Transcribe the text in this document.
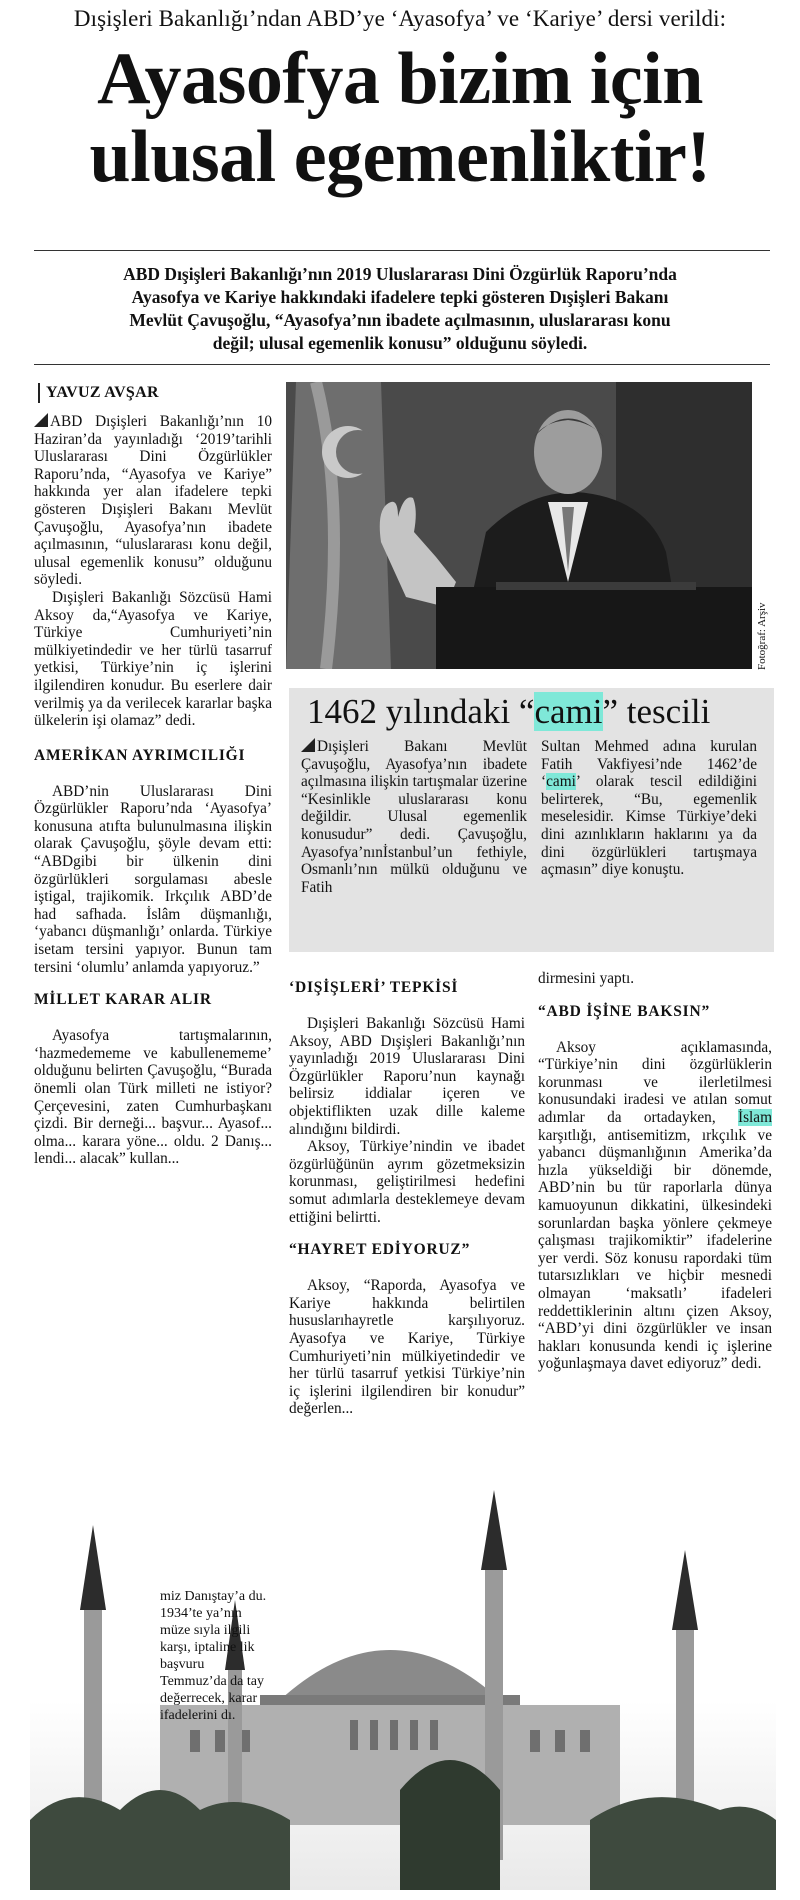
Dışişleri Bakanlığı’ndan ABD’ye ‘Ayasofya’ ve ‘Kariye’ dersi verildi:
Ayasofya bizim için
ulusal egemenliktir!
ABD Dışişleri Bakanlığı’nın 2019 Uluslararası Dini Özgürlük Raporu’nda
Ayasofya ve Kariye hakkındaki ifadelere tepki gösteren Dışişleri Bakanı
Mevlüt Çavuşoğlu, “Ayasofya’nın ibadete açılmasının, uluslararası konu
değil; ulusal egemenlik konusu” olduğunu söyledi.
YAVUZ AVŞAR

ABD Dışişleri Bakanlığı’nın 10 Haziran’da yayınladığı ‘2019’tarihli Uluslararası Dini Özgürlükler Raporu’nda, “Ayasofya ve Kariye” hakkında yer alan ifadelere tepki gösteren Dışişleri Bakanı Mevlüt Çavuşoğlu, Ayasofya’nın ibadete açılmasının, “uluslararası konu değil, ulusal egemenlik konusu” olduğunu söyledi.

Dışişleri Bakanlığı Sözcüsü Hami Aksoy da,“Ayasofya ve Kariye, Türkiye Cumhuriyeti’nin mülkiyetindedir ve her türlü tasarruf yetkisi, Türkiye’nin iç işlerini ilgilendiren konudur. Bu eserlere dair verilmiş ya da verilecek kararlar başka ülkelerin işi olamaz” dedi.

AMERİKAN AYRIMCILIĞI

ABD’nin Uluslararası Dini Özgürlükler Raporu’nda ‘Ayasofya’ konusuna atıfta bulunulmasına ilişkin olarak Çavuşoğlu, şöyle devam etti: “ABDgibi bir ülkenin dini özgürlükleri sorgulaması abesle iştigal, trajikomik. Irkçılık ABD’de had safhada. İslâm düşmanlığı, ‘yabancı düşmanlığı’ onlarda. Türkiye isetam tersini yapıyor. Bunun tam tersini ‘olumlu’ anlamda yapıyoruz.”

MİLLET KARAR ALIR

Ayasofya tartışmalarının, ‘hazmedememe ve kabullenememe’ olduğunu belirten Çavuşoğlu, “Burada önemli olan Türk milleti ne istiyor? Çerçevesini, zaten Cumhurbaşkanı çizdi. Bir derneği... başvur... Ayasof... olma... karara yöne... oldu. 2 Danış... lendi... alacak” kullan...

miz Danıştay’a du. 1934’te ya’nın müze sıyla ilgili karşı, iptaline lik başvuru Temmuz’da da tay değerrecek, karar ifadelerini dı.
Fotoğraf: Arşiv
1462 yılındaki “cami” tescili
Dışişleri Bakanı Mevlüt Çavuşoğlu, Ayasofya’nın ibadete açılmasına ilişkin tartışmalar üzerine “Kesinlikle uluslararası konu değildir. Ulusal egemenlik konusudur” dedi. Çavuşoğlu, Ayasofya’nınİstanbul’un fethiyle, Osmanlı’nın mülkü olduğunu ve Fatih
Sultan Mehmed adına kurulan Fatih Vakfiyesi’nde 1462’de ‘cami’ olarak tescil edildiğini belirterek, “Bu, egemenlik meselesidir. Kimse Türkiye’deki dini azınlıkların haklarını ya da dini özgürlükleri tartışmaya açmasın” diye konuştu.
‘DIŞİŞLERİ’ TEPKİSİ

Dışişleri Bakanlığı Sözcüsü Hami Aksoy, ABD Dışişleri Bakanlığı’nın yayınladığı 2019 Uluslararası Dini Özgürlükler Raporu’nun kaynağı belirsiz iddialar içeren ve objektiflikten uzak dille kaleme alındığını bildirdi.

Aksoy, Türkiye’nindin ve ibadet özgürlüğünün ayrım gözetmeksizin korunması, geliştirilmesi hedefini somut adımlarla desteklemeye devam ettiğini belirtti.

“HAYRET EDİYORUZ”

Aksoy, “Raporda, Ayasofya ve Kariye hakkında belirtilen hususlarıhayretle karşılıyoruz. Ayasofya ve Kariye, Türkiye Cumhuriyeti’nin mülkiyetindedir ve her türlü tasarruf yetkisi Türkiye’nin iç işlerini ilgilendiren bir konudur” değerlen...

dirmesini yaptı.

“ABD İŞİNE BAKSIN”

Aksoy açıklamasında, “Türkiye’nin dini özgürlüklerin korunması ve ilerletilmesi konusundaki iradesi ve atılan somut adımlar da ortadayken, İslam karşıtlığı, antisemitizm, ırkçılık ve yabancı düşmanlığının Amerika’da hızla yükseldiği bir dönemde, ABD’nin bu tür raporlarla dünya kamuoyunun dikkatini, ülkesindeki sorunlardan başka yönlere çekmeye çalışması trajikomiktir” ifadelerine yer verdi. Söz konusu rapordaki tüm tutarsızlıkları ve hiçbir mesnedi olmayan ‘maksatlı’ ifadeleri reddettiklerinin altını çizen Aksoy, “ABD’yi dini özgürlükler ve insan hakları konusunda kendi iç işlerine yoğunlaşmaya davet ediyoruz” dedi.
